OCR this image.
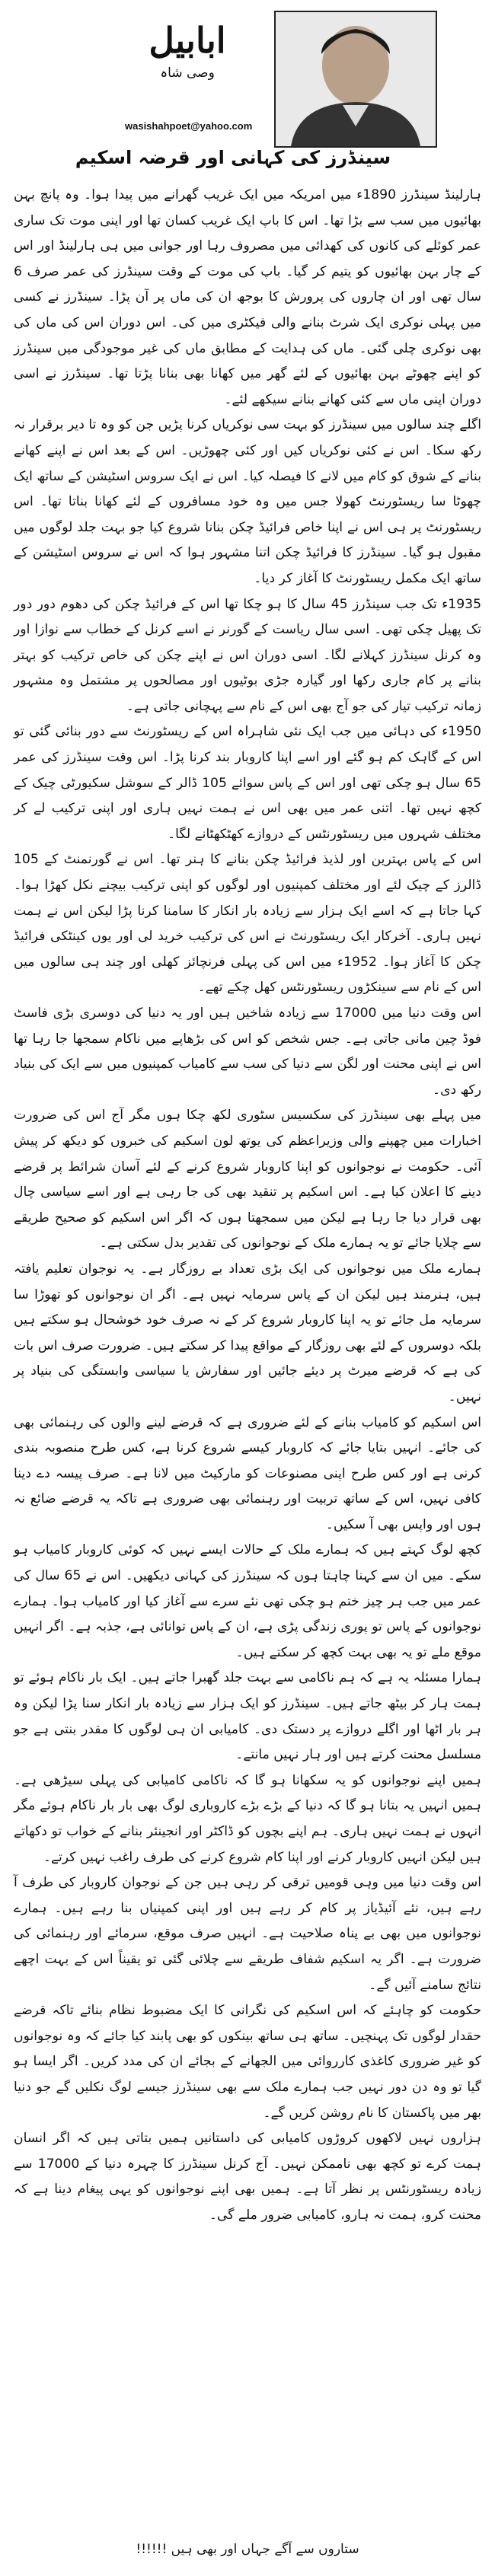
ابابیل
وصی شاہ
wasishahpoet@yahoo.com
سینڈرز کی کہانی اور قرضہ اسکیم

ہارلینڈ سینڈرز 1890ء میں امریکہ میں ایک غریب گھرانے میں پیدا ہوا۔ وہ پانچ بہن بھائیوں میں سب سے بڑا تھا۔ اس کا باپ ایک غریب کسان تھا اور اپنی موت تک ساری عمر کوئلے کی کانوں کی کھدائی میں مصروف رہا اور جوانی میں ہی ہارلینڈ اور اس کے چار بہن بھائیوں کو یتیم کر گیا۔ باپ کی موت کے وقت سینڈرز کی عمر صرف 6 سال تھی اور ان چاروں کی پرورش کا بوجھ ان کی ماں پر آن پڑا۔ سینڈرز نے کسی میں پہلی نوکری ایک شرٹ بنانے والی فیکٹری میں کی۔ اس دوران اس کی ماں کی بھی نوکری چلی گئی۔ ماں کی ہدایت کے مطابق ماں کی غیر موجودگی میں سینڈرز کو اپنے چھوٹے بہن بھائیوں کے لئے گھر میں کھانا بھی بنانا پڑتا تھا۔ سینڈرز نے اسی دوران اپنی ماں سے کئی کھانے بنانے سیکھے لئے۔

اگلے چند سالوں میں سینڈرز کو بہت سی نوکریاں کرنا پڑیں جن کو وہ تا دیر برقرار نہ رکھ سکا۔ اس نے کئی نوکریاں کیں اور کئی چھوڑیں۔ اس کے بعد اس نے اپنے کھانے بنانے کے شوق کو کام میں لانے کا فیصلہ کیا۔ اس نے ایک سروس اسٹیشن کے ساتھ ایک چھوٹا سا ریسٹورنٹ کھولا جس میں وہ خود مسافروں کے لئے کھانا بناتا تھا۔ اس ریسٹورنٹ پر ہی اس نے اپنا خاص فرائیڈ چکن بنانا شروع کیا جو بہت جلد لوگوں میں مقبول ہو گیا۔ سینڈرز کا فرائیڈ چکن اتنا مشہور ہوا کہ اس نے سروس اسٹیشن کے ساتھ ایک مکمل ریسٹورنٹ کا آغاز کر دیا۔

1935ء تک جب سینڈرز 45 سال کا ہو چکا تھا اس کے فرائیڈ چکن کی دھوم دور دور تک پھیل چکی تھی۔ اسی سال ریاست کے گورنر نے اسے کرنل کے خطاب سے نوازا اور وہ کرنل سینڈرز کہلانے لگا۔ اسی دوران اس نے اپنے چکن کی خاص ترکیب کو بہتر بنانے پر کام جاری رکھا اور گیارہ جڑی بوٹیوں اور مصالحوں پر مشتمل وہ مشہور زمانہ ترکیب تیار کی جو آج بھی اس کے نام سے پہچانی جاتی ہے۔

1950ء کی دہائی میں جب ایک نئی شاہراہ اس کے ریسٹورنٹ سے دور بنائی گئی تو اس کے گاہک کم ہو گئے اور اسے اپنا کاروبار بند کرنا پڑا۔ اس وقت سینڈرز کی عمر 65 سال ہو چکی تھی اور اس کے پاس سوائے 105 ڈالر کے سوشل سکیورٹی چیک کے کچھ نہیں تھا۔ اتنی عمر میں بھی اس نے ہمت نہیں ہاری اور اپنی ترکیب لے کر مختلف شہروں میں ریسٹورنٹس کے دروازے کھٹکھٹانے لگا۔

اس کے پاس بہترین اور لذیذ فرائیڈ چکن بنانے کا ہنر تھا۔ اس نے گورنمنٹ کے 105 ڈالرز کے چیک لئے اور مختلف کمپنیوں اور لوگوں کو اپنی ترکیب بیچنے نکل کھڑا ہوا۔ کہا جاتا ہے کہ اسے ایک ہزار سے زیادہ بار انکار کا سامنا کرنا پڑا لیکن اس نے ہمت نہیں ہاری۔ آخرکار ایک ریسٹورنٹ نے اس کی ترکیب خرید لی اور یوں کینٹکی فرائیڈ چکن کا آغاز ہوا۔ 1952ء میں اس کی پہلی فرنچائز کھلی اور چند ہی سالوں میں اس کے نام سے سینکڑوں ریسٹورنٹس کھل چکے تھے۔

اس وقت دنیا میں 17000 سے زیادہ شاخیں ہیں اور یہ دنیا کی دوسری بڑی فاسٹ فوڈ چین مانی جاتی ہے۔ جس شخص کو اس کی بڑھاپے میں ناکام سمجھا جا رہا تھا اس نے اپنی محنت اور لگن سے دنیا کی سب سے کامیاب کمپنیوں میں سے ایک کی بنیاد رکھ دی۔

میں پہلے بھی سینڈرز کی سکسیس سٹوری لکھ چکا ہوں مگر آج اس کی ضرورت اخبارات میں چھپنے والی وزیراعظم کی یوتھ لون اسکیم کی خبروں کو دیکھ کر پیش آئی۔ حکومت نے نوجوانوں کو اپنا کاروبار شروع کرنے کے لئے آسان شرائط پر قرضے دینے کا اعلان کیا ہے۔ اس اسکیم پر تنقید بھی کی جا رہی ہے اور اسے سیاسی چال بھی قرار دیا جا رہا ہے لیکن میں سمجھتا ہوں کہ اگر اس اسکیم کو صحیح طریقے سے چلایا جائے تو یہ ہمارے ملک کے نوجوانوں کی تقدیر بدل سکتی ہے۔

ہمارے ملک میں نوجوانوں کی ایک بڑی تعداد بے روزگار ہے۔ یہ نوجوان تعلیم یافتہ ہیں، ہنرمند ہیں لیکن ان کے پاس سرمایہ نہیں ہے۔ اگر ان نوجوانوں کو تھوڑا سا سرمایہ مل جائے تو یہ اپنا کاروبار شروع کر کے نہ صرف خود خوشحال ہو سکتے ہیں بلکہ دوسروں کے لئے بھی روزگار کے مواقع پیدا کر سکتے ہیں۔ ضرورت صرف اس بات کی ہے کہ قرضے میرٹ پر دیئے جائیں اور سفارش یا سیاسی وابستگی کی بنیاد پر نہیں۔

اس اسکیم کو کامیاب بنانے کے لئے ضروری ہے کہ قرضے لینے والوں کی رہنمائی بھی کی جائے۔ انہیں بتایا جائے کہ کاروبار کیسے شروع کرنا ہے، کس طرح منصوبہ بندی کرنی ہے اور کس طرح اپنی مصنوعات کو مارکیٹ میں لانا ہے۔ صرف پیسہ دے دینا کافی نہیں، اس کے ساتھ تربیت اور رہنمائی بھی ضروری ہے تاکہ یہ قرضے ضائع نہ ہوں اور واپس بھی آ سکیں۔

کچھ لوگ کہتے ہیں کہ ہمارے ملک کے حالات ایسے نہیں کہ کوئی کاروبار کامیاب ہو سکے۔ میں ان سے کہنا چاہتا ہوں کہ سینڈرز کی کہانی دیکھیں۔ اس نے 65 سال کی عمر میں جب ہر چیز ختم ہو چکی تھی نئے سرے سے آغاز کیا اور کامیاب ہوا۔ ہمارے نوجوانوں کے پاس تو پوری زندگی پڑی ہے، ان کے پاس توانائی ہے، جذبہ ہے۔ اگر انہیں موقع ملے تو یہ بھی بہت کچھ کر سکتے ہیں۔

ہمارا مسئلہ یہ ہے کہ ہم ناکامی سے بہت جلد گھبرا جاتے ہیں۔ ایک بار ناکام ہوئے تو ہمت ہار کر بیٹھ جاتے ہیں۔ سینڈرز کو ایک ہزار سے زیادہ بار انکار سنا پڑا لیکن وہ ہر بار اٹھا اور اگلے دروازے پر دستک دی۔ کامیابی ان ہی لوگوں کا مقدر بنتی ہے جو مسلسل محنت کرتے ہیں اور ہار نہیں مانتے۔

ہمیں اپنے نوجوانوں کو یہ سکھانا ہو گا کہ ناکامی کامیابی کی پہلی سیڑھی ہے۔ ہمیں انہیں یہ بتانا ہو گا کہ دنیا کے بڑے بڑے کاروباری لوگ بھی بار بار ناکام ہوئے مگر انہوں نے ہمت نہیں ہاری۔ ہم اپنے بچوں کو ڈاکٹر اور انجینئر بنانے کے خواب تو دکھاتے ہیں لیکن انہیں کاروبار کرنے اور اپنا کام شروع کرنے کی طرف راغب نہیں کرتے۔

اس وقت دنیا میں وہی قومیں ترقی کر رہی ہیں جن کے نوجوان کاروبار کی طرف آ رہے ہیں، نئے آئیڈیاز پر کام کر رہے ہیں اور اپنی کمپنیاں بنا رہے ہیں۔ ہمارے نوجوانوں میں بھی بے پناہ صلاحیت ہے۔ انہیں صرف موقع، سرمائے اور رہنمائی کی ضرورت ہے۔ اگر یہ اسکیم شفاف طریقے سے چلائی گئی تو یقیناً اس کے بہت اچھے نتائج سامنے آئیں گے۔

حکومت کو چاہئے کہ اس اسکیم کی نگرانی کا ایک مضبوط نظام بنائے تاکہ قرضے حقدار لوگوں تک پہنچیں۔ ساتھ ہی ساتھ بینکوں کو بھی پابند کیا جائے کہ وہ نوجوانوں کو غیر ضروری کاغذی کارروائی میں الجھانے کے بجائے ان کی مدد کریں۔ اگر ایسا ہو گیا تو وہ دن دور نہیں جب ہمارے ملک سے بھی سینڈرز جیسے لوگ نکلیں گے جو دنیا بھر میں پاکستان کا نام روشن کریں گے۔

ہزاروں نہیں لاکھوں کروڑوں کامیابی کی داستانیں ہمیں بتاتی ہیں کہ اگر انسان ہمت کرے تو کچھ بھی ناممکن نہیں۔ آج کرنل سینڈرز کا چہرہ دنیا کے 17000 سے زیادہ ریسٹورنٹس پر نظر آتا ہے۔ ہمیں بھی اپنے نوجوانوں کو یہی پیغام دینا ہے کہ محنت کرو، ہمت نہ ہارو، کامیابی ضرور ملے گی۔

ستاروں سے آگے جہاں اور بھی ہیں !!!!!!
